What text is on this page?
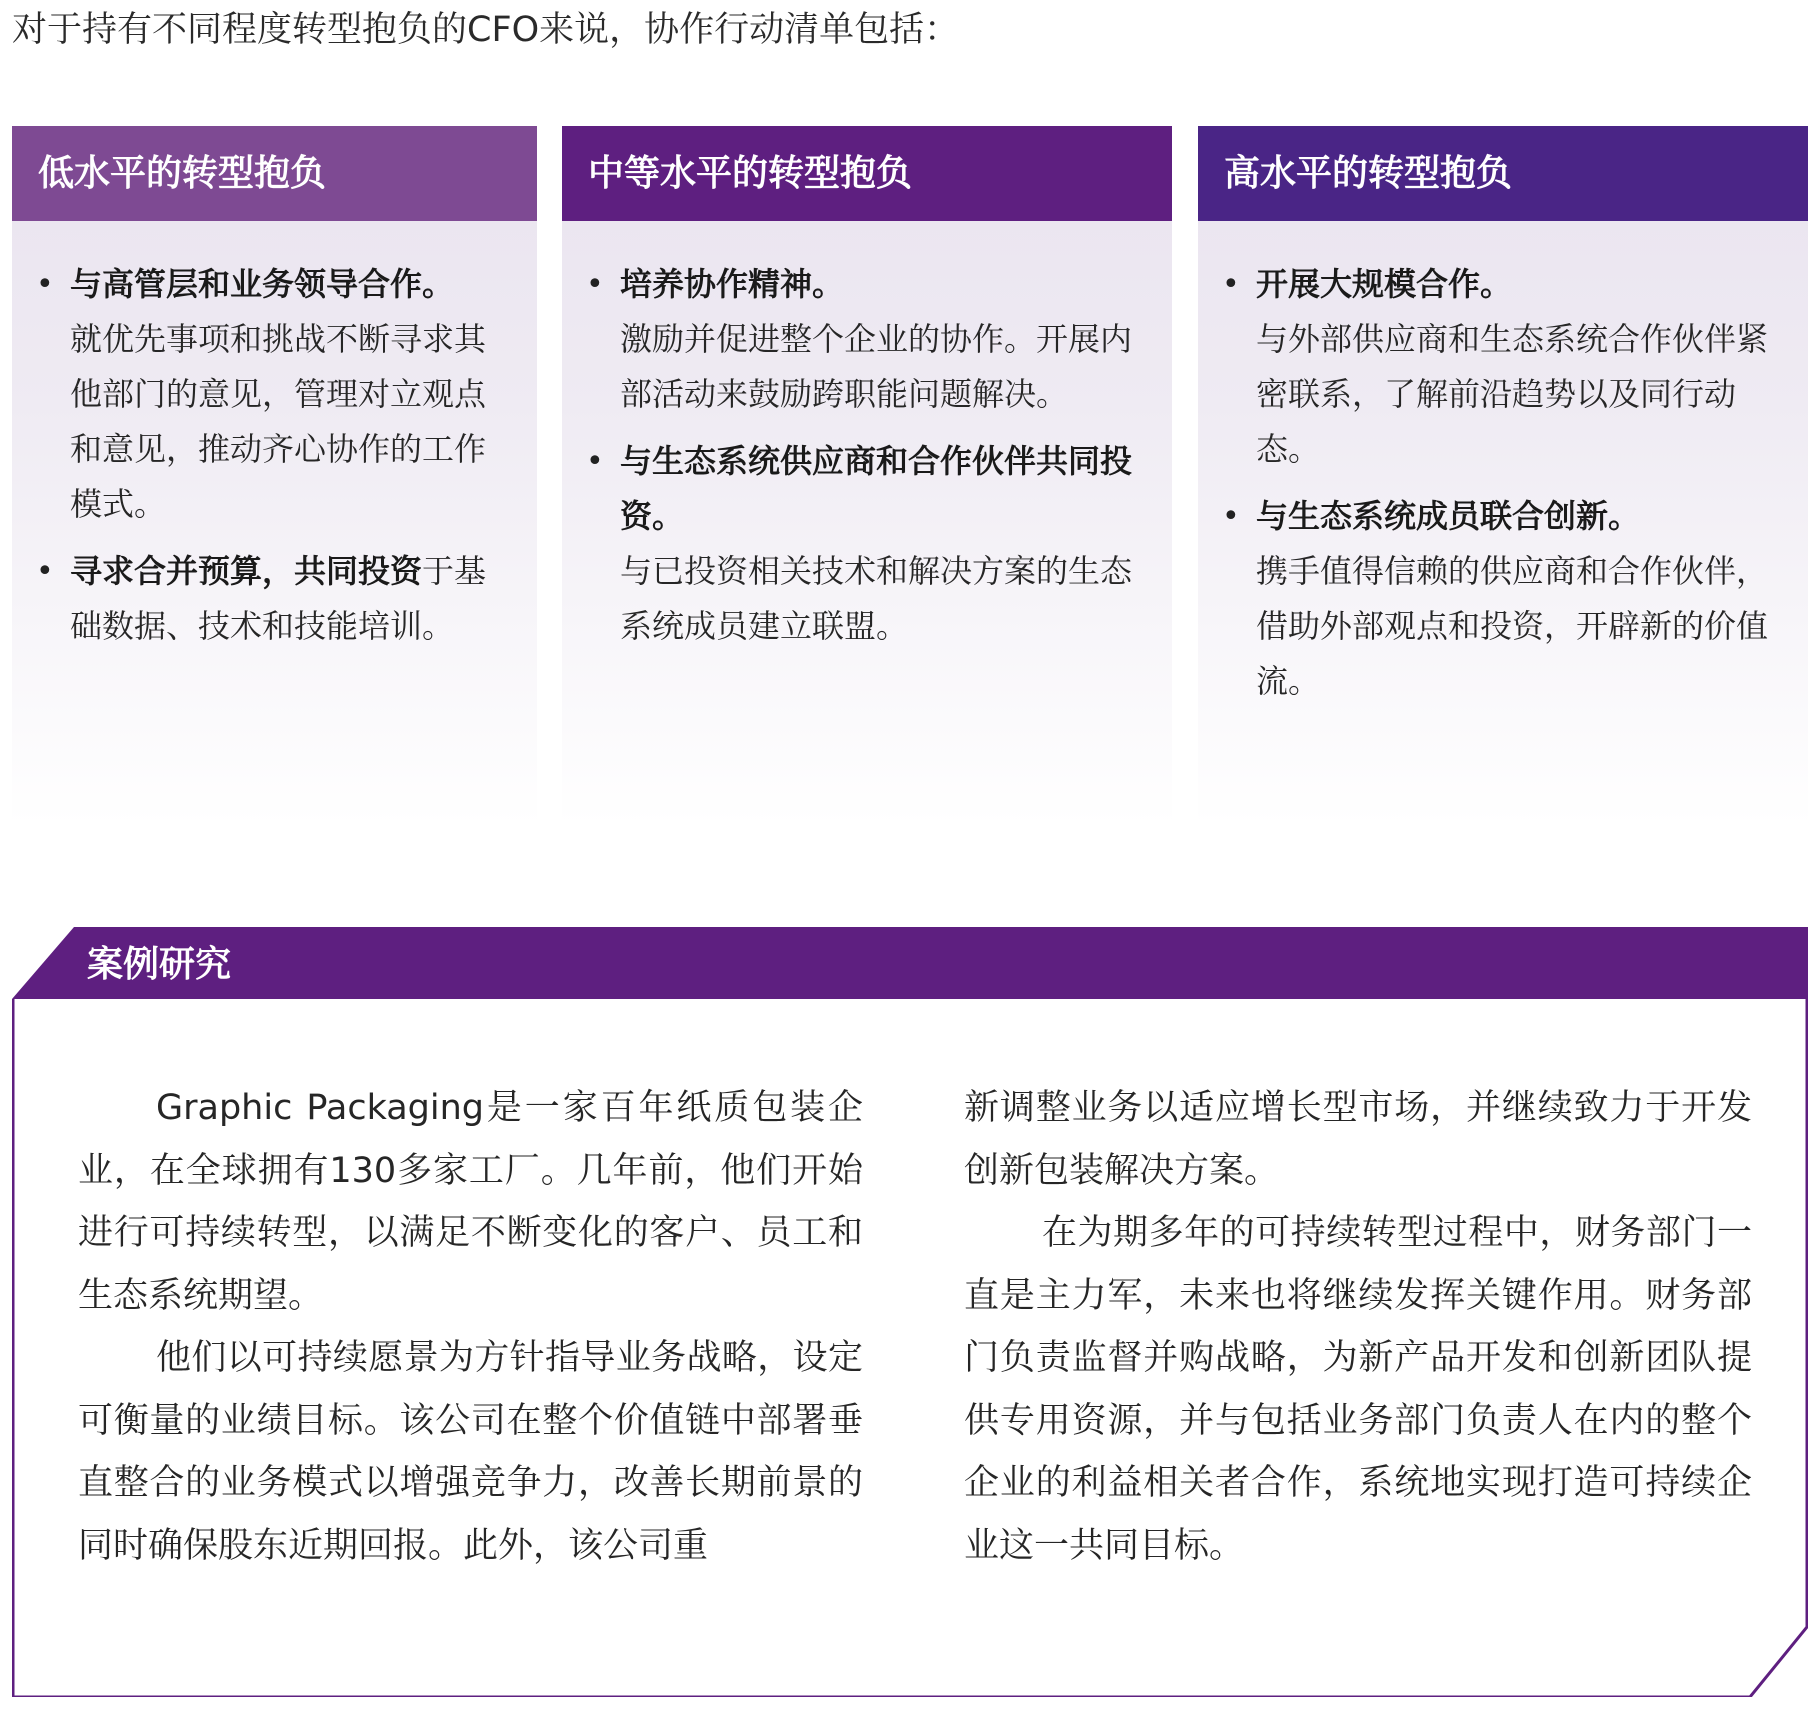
对于持有不同程度转型抱负的CFO来说，协作行动清单包括：
低水平的转型抱负
• 与高管层和业务领导合作。
就优先事项和挑战不断寻求其他部门的意见，管理对立观点和意见，推动齐心协作的工作模式。
• 寻求合并预算，共同投资于基础数据、技术和技能培训。
中等水平的转型抱负
• 培养协作精神。
激励并促进整个企业的协作。开展内部活动来鼓励跨职能问题解决。
• 与生态系统供应商和合作伙伴共同投资。
与已投资相关技术和解决方案的生态系统成员建立联盟。
高水平的转型抱负
• 开展大规模合作。
与外部供应商和生态系统合作伙伴紧密联系，了解前沿趋势以及同行动态。
• 与生态系统成员联合创新。
携手值得信赖的供应商和合作伙伴，借助外部观点和投资，开辟新的价值流。
案例研究

Graphic Packaging是一家百年纸质包装企业，在全球拥有130多家工厂。几年前，他们开始进行可持续转型，以满足不断变化的客户、员工和生态系统期望。

他们以可持续愿景为方针指导业务战略，设定可衡量的业绩目标。该公司在整个价值链中部署垂直整合的业务模式以增强竞争力，改善长期前景的同时确保股东近期回报。此外，该公司重

新调整业务以适应增长型市场，并继续致力于开发创新包装解决方案。

在为期多年的可持续转型过程中，财务部门一直是主力军，未来也将继续发挥关键作用。财务部门负责监督并购战略，为新产品开发和创新团队提供专用资源，并与包括业务部门负责人在内的整个企业的利益相关者合作，系统地实现打造可持续企业这一共同目标。
